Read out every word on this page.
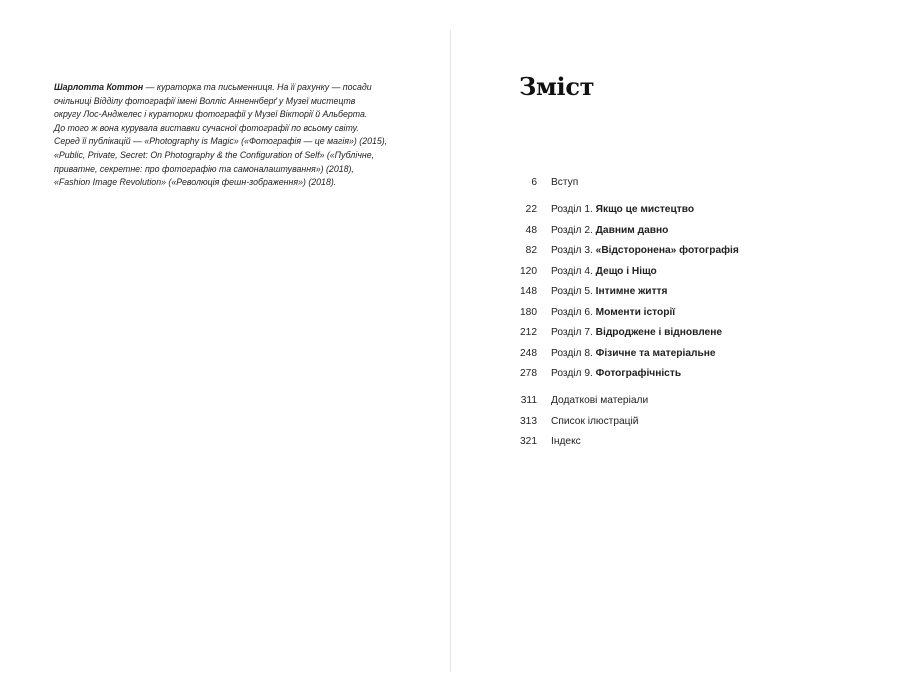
Шарлотта Коттон — кураторка та письменниця. На її рахунку — посади
очільниці Відділу фотографії імені Волліс Анненнберґ у Музеї мистецтв
округу Лос-Анджелес і кураторки фотографії у Музеї Вікторії й Альберта.
До того ж вона курувала виставки сучасної фотографії по всьому світу.
Серед її публікацій — «Photography is Magic» («Фотографія — це магія») (2015),
«Public, Private, Secret: On Photography & the Configuration of Self» («Публічне,
приватне, секретне: про фотографію та самоналаштування») (2018),
«Fashion Image Revolution» («Революція фешн-зображення») (2018).

Зміст
6 Вступ
22 Розділ 1. Якщо це мистецтво
48 Розділ 2. Давним давно
82 Розділ 3. «Відсторонена» фотографія
120 Розділ 4. Дещо і Ніщо
148 Розділ 5. Інтимне життя
180 Розділ 6. Моменти історії
212 Розділ 7. Відроджене і відновлене
248 Розділ 8. Фізичне та матеріальне
278 Розділ 9. Фотографічність
311 Додаткові матеріали
313 Список ілюстрацій
321 Індекс
